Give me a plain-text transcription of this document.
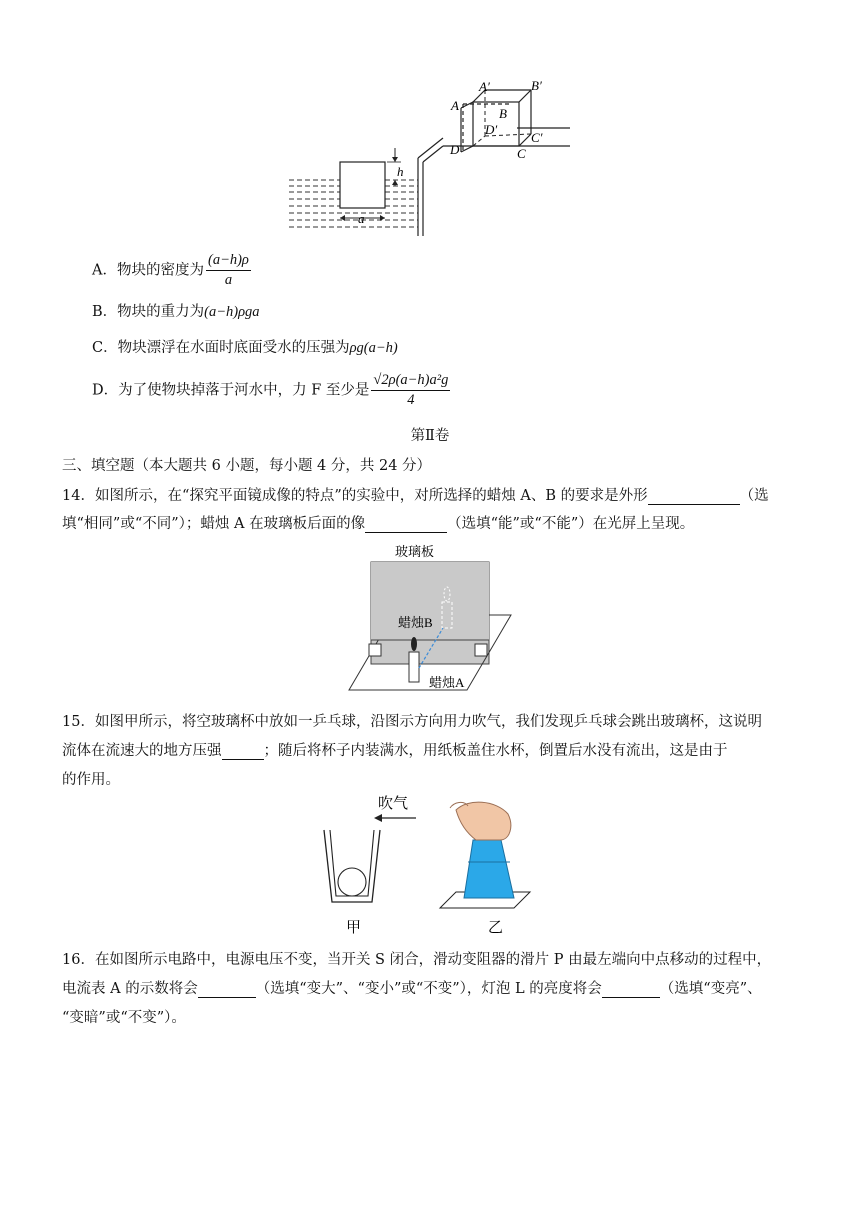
h
a
A
A′	B′
B
D′
C′
D	C
A．物块的密度为 $\frac{(a-h)\rho}{a}$
B．物块的重力为(a−h)ρga
C．物块漂浮在水面时底面受水的压强为ρg(a−h)
D．为了使物块掉落于河水中，力 F 至少是 $\frac{\text{√2ρ(a−h)a²g}}{4}$
第Ⅱ卷
三、填空题（本大题共 6 小题，每小题 4 分，共 24 分）
14．如图所示，在“探究平面镜成像的特点”的实验中，对所选择的蜡烛 A、B 的要求是外形	（选
填“相同”或“不同”）；蜡烛 A 在玻璃板后面的像	（选填“能”或“不能”）在光屏上呈现。
玻璃板
蜡烛B
蜡烛A
15．如图甲所示，将空玻璃杯中放如一乒乓球，沿图示方向用力吹气，我们发现乒乓球会跳出玻璃杯，这说明
流体在流速大的地方压强	；随后将杯子内装满水，用纸板盖住水杯，倒置后水没有流出，这是由于
的作用。
吹气
甲	乙
16．在如图所示电路中，电源电压不变，当开关 S 闭合，滑动变阻器的滑片 P 由最左端向中点移动的过程中，
电流表 A 的示数将会	（选填“变大”、“变小”或“不变”），灯泡 L 的亮度将会	（选填“变亮”、
“变暗”或“不变”）。
